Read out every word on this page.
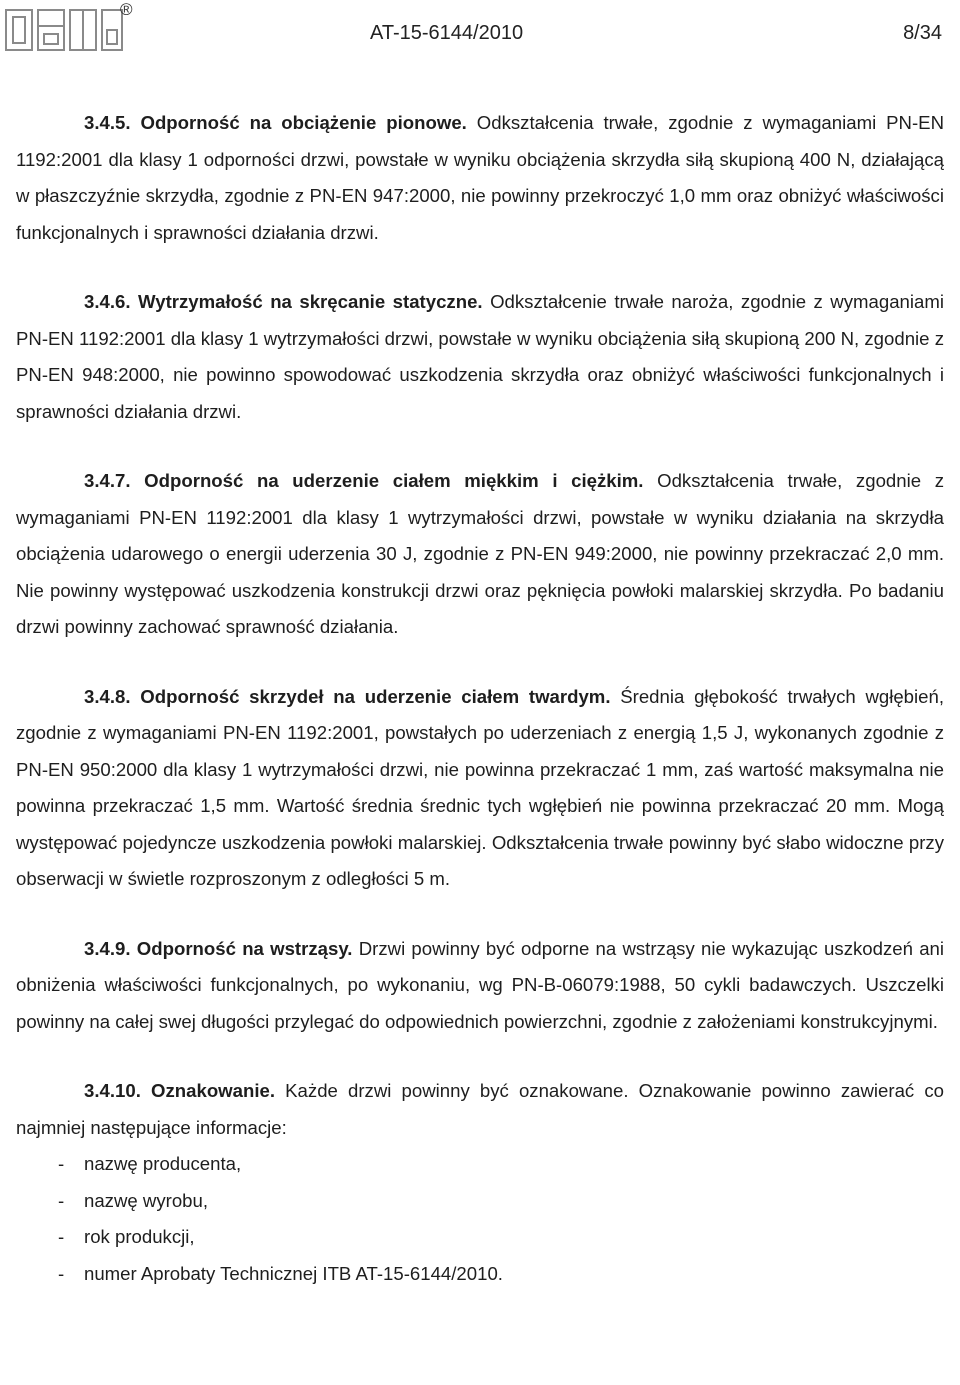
®
AT-15-6144/2010	8/34

3.4.5. Odporność na obciążenie pionowe. Odkształcenia trwałe, zgodnie z wymaganiami PN-EN 1192:2001 dla klasy 1 odporności drzwi, powstałe w wyniku obciążenia skrzydła siłą skupioną 400 N, działającą w płaszczyźnie skrzydła, zgodnie z PN-EN 947:2000, nie powinny przekroczyć 1,0 mm oraz obniżyć właściwości funkcjonalnych i sprawności działania drzwi.

3.4.6. Wytrzymałość na skręcanie statyczne. Odkształcenie trwałe naroża, zgodnie z wymaganiami PN-EN 1192:2001 dla klasy 1 wytrzymałości drzwi, powstałe w wyniku obciążenia siłą skupioną 200 N, zgodnie z PN-EN 948:2000, nie powinno spowodować uszkodzenia skrzydła oraz obniżyć właściwości funkcjonalnych i sprawności działania drzwi.

3.4.7. Odporność na uderzenie ciałem miękkim i ciężkim. Odkształcenia trwałe, zgodnie z wymaganiami PN-EN 1192:2001 dla klasy 1 wytrzymałości drzwi, powstałe w wyniku działania na skrzydła obciążenia udarowego o energii uderzenia 30 J, zgodnie z PN-EN 949:2000, nie powinny przekraczać 2,0 mm. Nie powinny występować uszkodzenia konstrukcji drzwi oraz pęknięcia powłoki malarskiej skrzydła. Po badaniu drzwi powinny zachować sprawność działania.

3.4.8. Odporność skrzydeł na uderzenie ciałem twardym. Średnia głębokość trwałych wgłębień, zgodnie z wymaganiami PN-EN 1192:2001, powstałych po uderzeniach z energią 1,5 J, wykonanych zgodnie z PN-EN 950:2000 dla klasy 1 wytrzymałości drzwi, nie powinna przekraczać 1 mm, zaś wartość maksymalna nie powinna przekraczać 1,5 mm. Wartość średnia średnic tych wgłębień nie powinna przekraczać 20 mm. Mogą występować pojedyncze uszkodzenia powłoki malarskiej. Odkształcenia trwałe powinny być słabo widoczne przy obserwacji w świetle rozproszonym z odległości 5 m.

3.4.9. Odporność na wstrząsy. Drzwi powinny być odporne na wstrząsy nie wykazując uszkodzeń ani obniżenia właściwości funkcjonalnych, po wykonaniu, wg PN-B-06079:1988, 50 cykli badawczych. Uszczelki powinny na całej swej długości przylegać do odpowiednich powierzchni, zgodnie z założeniami konstrukcyjnymi.

3.4.10. Oznakowanie. Każde drzwi powinny być oznakowane. Oznakowanie powinno zawierać co najmniej następujące informacje:

- nazwę producenta,
- nazwę wyrobu,
- rok produkcji,
- numer Aprobaty Technicznej ITB AT-15-6144/2010.
